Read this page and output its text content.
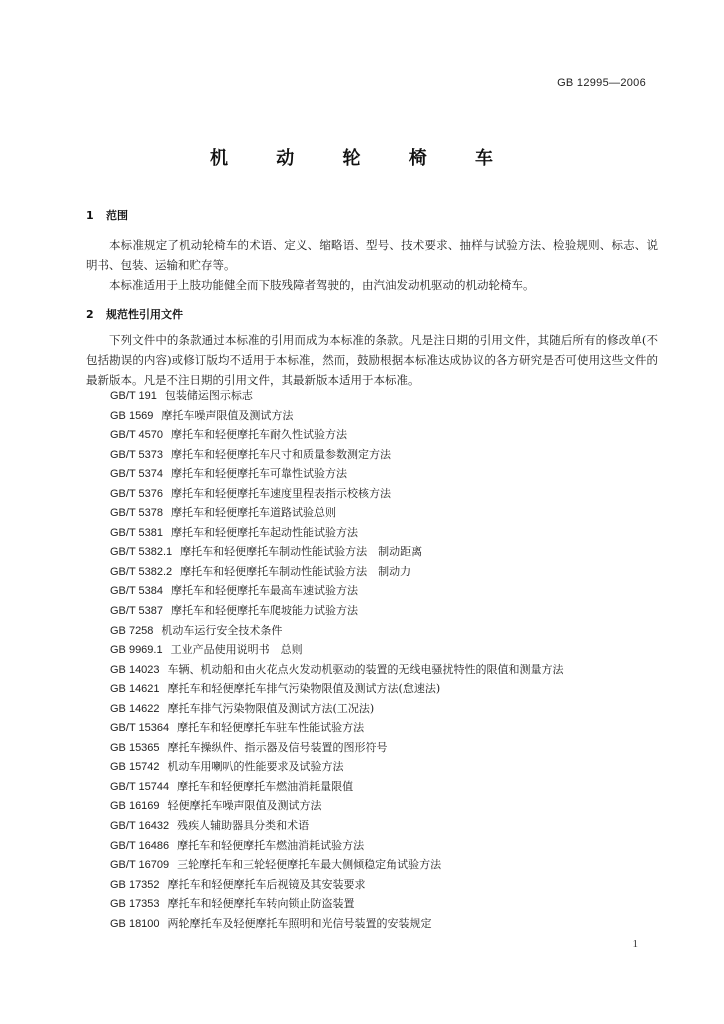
GB 12995—2006
机 动 轮 椅 车
1 范围

本标准规定了机动轮椅车的术语、定义、缩略语、型号、技术要求、抽样与试验方法、检验规则、标志、说明书、包装、运输和贮存等。

本标准适用于上肢功能健全而下肢残障者驾驶的，由汽油发动机驱动的机动轮椅车。

2 规范性引用文件

下列文件中的条款通过本标准的引用而成为本标准的条款。凡是注日期的引用文件，其随后所有的修改单(不包括勘误的内容)或修订版均不适用于本标准，然而，鼓励根据本标准达成协议的各方研究是否可使用这些文件的最新版本。凡是不注日期的引用文件，其最新版本适用于本标准。

GB/T 191 包装储运图示标志
GB 1569 摩托车噪声限值及测试方法
GB/T 4570 摩托车和轻便摩托车耐久性试验方法
GB/T 5373 摩托车和轻便摩托车尺寸和质量参数测定方法
GB/T 5374 摩托车和轻便摩托车可靠性试验方法
GB/T 5376 摩托车和轻便摩托车速度里程表指示校核方法
GB/T 5378 摩托车和轻便摩托车道路试验总则
GB/T 5381 摩托车和轻便摩托车起动性能试验方法
GB/T 5382.1 摩托车和轻便摩托车制动性能试验方法　制动距离
GB/T 5382.2 摩托车和轻便摩托车制动性能试验方法　制动力
GB/T 5384 摩托车和轻便摩托车最高车速试验方法
GB/T 5387 摩托车和轻便摩托车爬坡能力试验方法
GB 7258 机动车运行安全技术条件
GB 9969.1 工业产品使用说明书　总则
GB 14023 车辆、机动船和由火花点火发动机驱动的装置的无线电骚扰特性的限值和测量方法
GB 14621 摩托车和轻便摩托车排气污染物限值及测试方法(怠速法)
GB 14622 摩托车排气污染物限值及测试方法(工况法)
GB/T 15364 摩托车和轻便摩托车驻车性能试验方法
GB 15365 摩托车操纵件、指示器及信号装置的图形符号
GB 15742 机动车用喇叭的性能要求及试验方法
GB/T 15744 摩托车和轻便摩托车燃油消耗量限值
GB 16169 轻便摩托车噪声限值及测试方法
GB/T 16432 残疾人辅助器具分类和术语
GB/T 16486 摩托车和轻便摩托车燃油消耗试验方法
GB/T 16709 三轮摩托车和三轮轻便摩托车最大侧倾稳定角试验方法
GB 17352 摩托车和轻便摩托车后视镜及其安装要求
GB 17353 摩托车和轻便摩托车转向锁止防盗装置
GB 18100 两轮摩托车及轻便摩托车照明和光信号装置的安装规定
1
